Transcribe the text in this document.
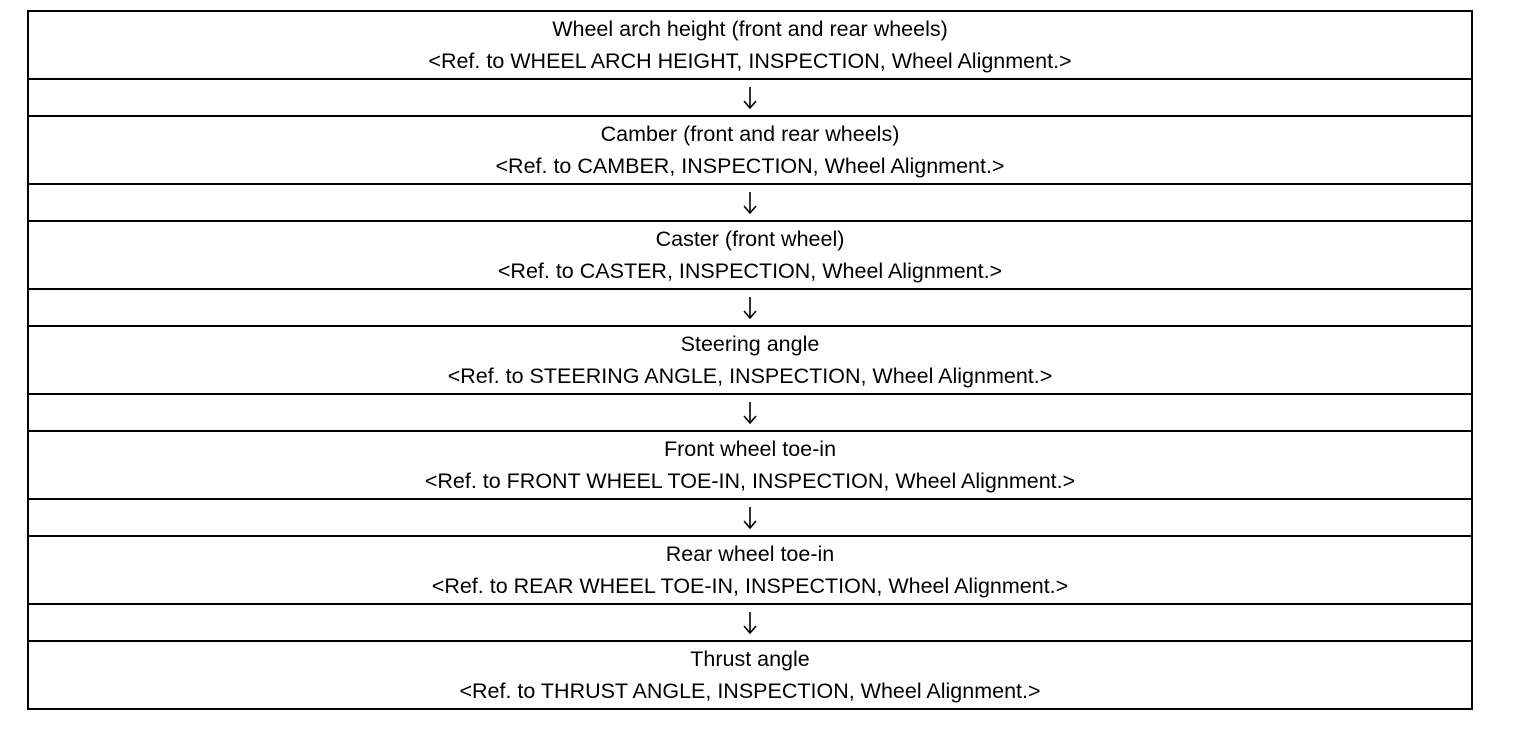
Wheel arch height (front and rear wheels)
<Ref. to WHEEL ARCH HEIGHT, INSPECTION, Wheel Alignment.>
Camber (front and rear wheels)
<Ref. to CAMBER, INSPECTION, Wheel Alignment.>
Caster (front wheel)
<Ref. to CASTER, INSPECTION, Wheel Alignment.>
Steering angle
<Ref. to STEERING ANGLE, INSPECTION, Wheel Alignment.>
Front wheel toe-in
<Ref. to FRONT WHEEL TOE-IN, INSPECTION, Wheel Alignment.>
Rear wheel toe-in
<Ref. to REAR WHEEL TOE-IN, INSPECTION, Wheel Alignment.>
Thrust angle
<Ref. to THRUST ANGLE, INSPECTION, Wheel Alignment.>
